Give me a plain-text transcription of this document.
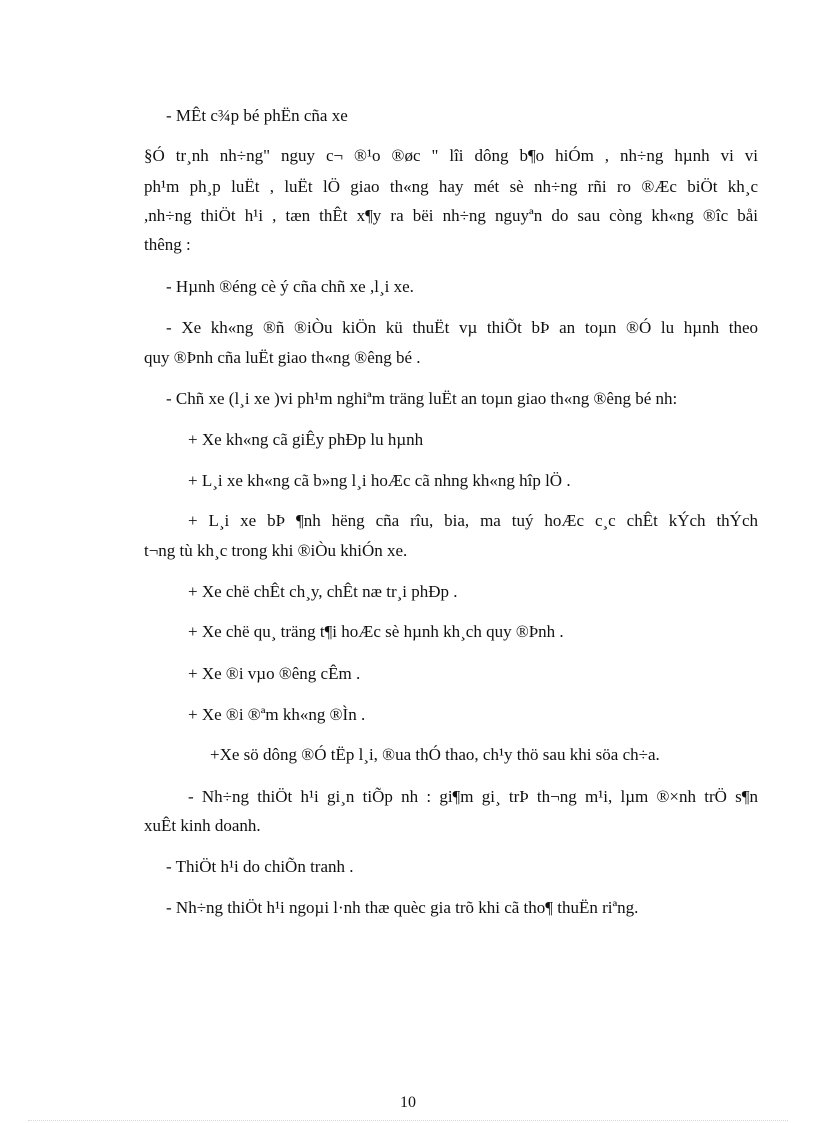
- MÊt c¾p bé phËn cña xe
§Ó tr¸nh nh÷ng" nguy c¬ ®¹o ®øc " lîi dông b¶o hiÓm , nh÷ng hµnh vi vi
ph¹m ph¸p luËt , luËt lÖ giao th«ng hay mét sè nh÷ng rñi ro ®Æc biÖt kh¸c
,nh÷ng thiÖt h¹i , tæn thÊt x¶y ra bëi nh÷ng nguyªn do sau còng kh«ng ®îc båi
thêng :
- Hµnh ®éng cè ý cña chñ xe ,l¸i xe.
- Xe kh«ng ®ñ ®iÒu kiÖn kü thuËt vµ thiÕt bÞ an toµn ®Ó lu hµnh theo
quy ®Þnh cña luËt giao th«ng ®êng bé .
- Chñ xe (l¸i xe )vi ph¹m nghiªm träng luËt an toµn giao th«ng ®êng bé nh:
+ Xe kh«ng cã giÊy phÐp lu hµnh
+ L¸i xe kh«ng cã b»ng l¸i hoÆc cã nhng kh«ng hîp lÖ .
+ L¸i xe bÞ ¶nh hëng cña rîu, bia, ma tuý hoÆc c¸c chÊt kÝch thÝch
t¬ng tù kh¸c trong khi ®iÒu khiÓn xe.
+ Xe chë chÊt ch¸y, chÊt næ tr¸i phÐp .
+ Xe chë qu¸ träng t¶i hoÆc sè hµnh kh¸ch quy ®Þnh .
+ Xe ®i vµo ®êng cÊm .
+ Xe ®i ®ªm kh«ng ®Ìn .
+Xe sö dông ®Ó tËp l¸i, ®ua thÓ thao, ch¹y thö sau khi söa ch÷a.
- Nh÷ng thiÖt h¹i gi¸n tiÕp nh : gi¶m gi¸ trÞ th¬ng m¹i, lµm ®×nh trÖ s¶n
xuÊt kinh doanh.
- ThiÖt h¹i do chiÕn tranh .
- Nh÷ng thiÖt h¹i ngoµi l·nh thæ quèc gia trõ khi cã tho¶ thuËn riªng.
10
